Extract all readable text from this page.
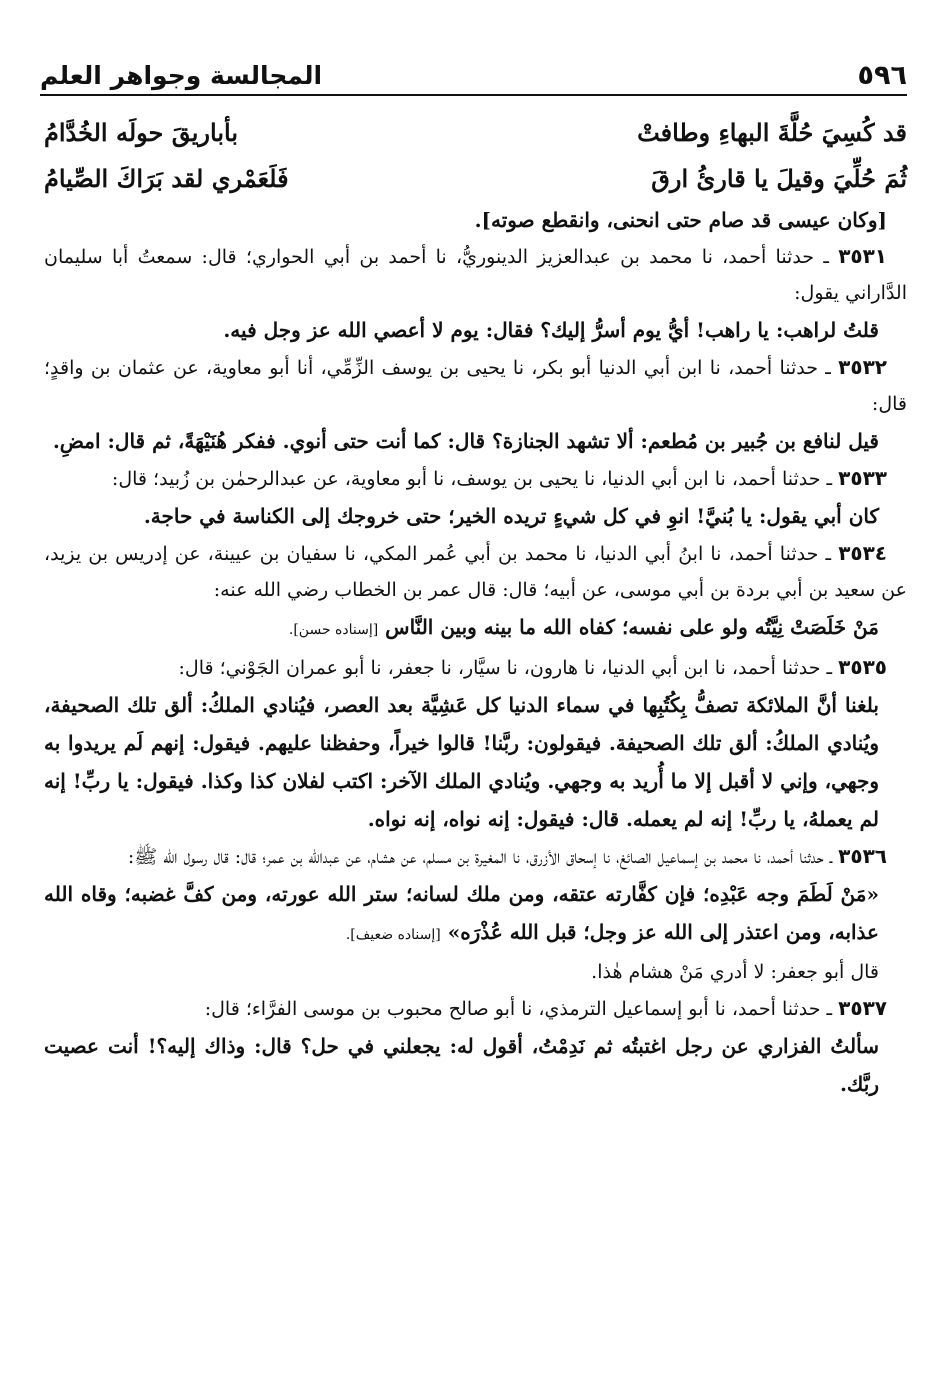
٥٩٦
المجالسة وجواهر العلم
قد كُسِيَ حُلَّةَ البهاءِ وطافتْ
بأباريقَ حولَه الخُدَّامُ
ثُمَ حُلِّيَ وقيلَ يا قارئُ ارقَ
فَلَعَمْري لقد بَرَاكَ الصِّيامُ
[وكان عيسى قد صام حتى انحنى، وانقطع صوته].
٣٥٣١ ـ حدثنا أحمد، نا محمد بن عبدالعزيز الدينوريُّ، نا أحمد بن أبي الحواري؛ قال: سمعتُ أبا سليمان الدَّاراني يقول:
قلتُ لراهب: يا راهب! أيُّ يوم أسرُّ إليك؟ فقال: يوم لا أعصي الله عز وجل فيه.
٣٥٣٢ ـ حدثنا أحمد، نا ابن أبي الدنيا أبو بكر، نا يحيى بن يوسف الزِّمِّي، أنا أبو معاوية، عن عثمان بن واقدٍ؛ قال:
قيل لنافع بن جُبير بن مُطعم: ألا تشهد الجنازة؟ قال: كما أنت حتى أنوي. ففكر هُنَيْهَةً، ثم قال: امضِ.
٣٥٣٣ ـ حدثنا أحمد، نا ابن أبي الدنيا، نا يحيى بن يوسف، نا أبو معاوية، عن عبدالرحمٰن بن زُبيد؛ قال:
كان أبي يقول: يا بُنيَّ! انوِ في كل شيءٍ تريده الخير؛ حتى خروجك إلى الكناسة في حاجة.
٣٥٣٤ ـ حدثنا أحمد، نا ابنُ أبي الدنيا، نا محمد بن أبي عُمر المكي، نا سفيان بن عيينة، عن إدريس بن يزيد، عن سعيد بن أبي بردة بن أبي موسى، عن أبيه؛ قال: قال عمر بن الخطاب رضي الله عنه:
مَنْ خَلَصَتْ نِيَّتُه ولو على نفسه؛ كفاه الله ما بينه وبين النَّاس [إسناده حسن].
٣٥٣٥ ـ حدثنا أحمد، نا ابن أبي الدنيا، نا هارون، نا سيَّار، نا جعفر، نا أبو عمران الجَوْني؛ قال:
بلغنا أنَّ الملائكة تصفُّ بِكُتُبِها في سماء الدنيا كل عَشِيَّة بعد العصر، فيُنادي الملكُ: ألق تلك الصحيفة، ويُنادي الملكُ: ألق تلك الصحيفة. فيقولون: ربَّنا! قالوا خيراً، وحفظنا عليهم. فيقول: إنهم لَم يريدوا به وجهي، وإني لا أقبل إلا ما أُريد به وجهي. ويُنادي الملك الآخر: اكتب لفلان كذا وكذا. فيقول: يا ربِّ! إنه لم يعملهُ، يا ربِّ! إنه لم يعمله. قال: فيقول: إنه نواه، إنه نواه.
٣٥٣٦ ـ حدثنا أحمد، نا محمد بن إسماعيل الصائغ، نا إسحاق الأزرق، نا المغيرة بن مسلم، عن هشام، عن عبدالله بن عمر؛ قال: قال رسول الله ﷺ:
«مَنْ لَطَمَ وجه عَبْدِه؛ فإن كفَّارته عتقه، ومن ملك لسانه؛ ستر الله عورته، ومن كفَّ غضبه؛ وقاه الله عذابه، ومن اعتذر إلى الله عز وجل؛ قبل الله عُذْرَه» [إسناده ضعيف].
قال أبو جعفر: لا أدري مَنْ هشام هٰذا.
٣٥٣٧ ـ حدثنا أحمد، نا أبو إسماعيل الترمذي، نا أبو صالح محبوب بن موسى الفرَّاء؛ قال:
سألتُ الفزاري عن رجل اغتبتُه ثم نَدِمْتُ، أقول له: يجعلني في حل؟ قال: وذاك إليه؟! أنت عصيت ربَّك.
